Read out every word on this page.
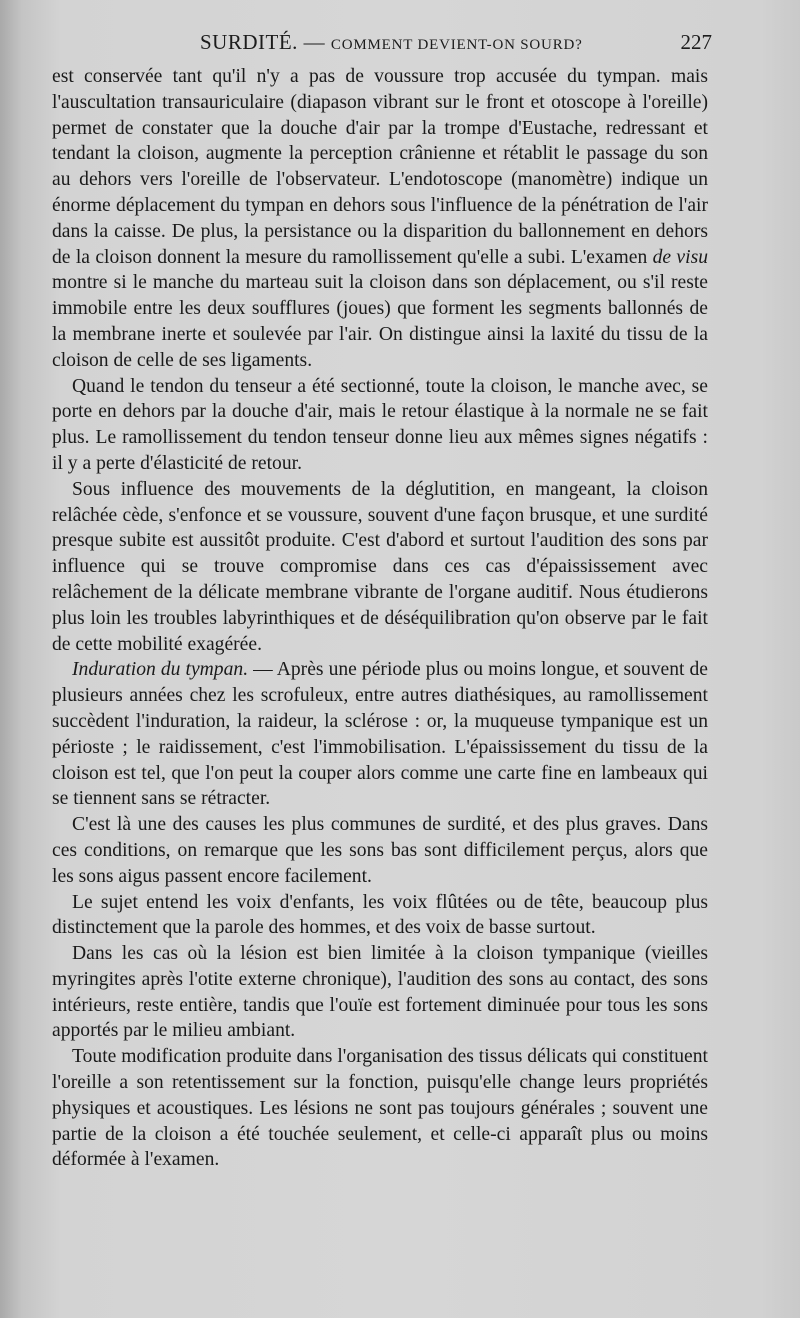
SURDITÉ. — COMMENT DEVIENT-ON SOURD?	227

est conservée tant qu'il n'y a pas de voussure trop accusée du tympan. mais l'auscultation transauriculaire (diapason vibrant sur le front et otoscope à l'oreille) permet de constater que la douche d'air par la trompe d'Eustache, redressant et tendant la cloison, augmente la perception crânienne et rétablit le passage du son au dehors vers l'oreille de l'observateur. L'endotoscope (manomètre) indique un énorme déplacement du tympan en dehors sous l'influence de la pénétration de l'air dans la caisse. De plus, la persistance ou la disparition du ballonnement en dehors de la cloison donnent la mesure du ramollissement qu'elle a subi. L'examen de visu montre si le manche du marteau suit la cloison dans son déplacement, ou s'il reste immobile entre les deux soufflures (joues) que forment les segments ballonnés de la membrane inerte et soulevée par l'air. On distingue ainsi la laxité du tissu de la cloison de celle de ses ligaments.

Quand le tendon du tenseur a été sectionné, toute la cloison, le manche avec, se porte en dehors par la douche d'air, mais le retour élastique à la normale ne se fait plus. Le ramollissement du tendon tenseur donne lieu aux mêmes signes négatifs : il y a perte d'élasticité de retour.

Sous influence des mouvements de la déglutition, en mangeant, la cloison relâchée cède, s'enfonce et se voussure, souvent d'une façon brusque, et une surdité presque subite est aussitôt produite. C'est d'abord et surtout l'audition des sons par influence qui se trouve compromise dans ces cas d'épaississement avec relâchement de la délicate membrane vibrante de l'organe auditif. Nous étudierons plus loin les troubles labyrinthiques et de déséquilibration qu'on observe par le fait de cette mobilité exagérée.

Induration du tympan. — Après une période plus ou moins longue, et souvent de plusieurs années chez les scrofuleux, entre autres diathésiques, au ramollissement succèdent l'induration, la raideur, la sclérose : or, la muqueuse tympanique est un périoste ; le raidissement, c'est l'immobilisation. L'épaississement du tissu de la cloison est tel, que l'on peut la couper alors comme une carte fine en lambeaux qui se tiennent sans se rétracter.

C'est là une des causes les plus communes de surdité, et des plus graves. Dans ces conditions, on remarque que les sons bas sont difficilement perçus, alors que les sons aigus passent encore facilement.

Le sujet entend les voix d'enfants, les voix flûtées ou de tête, beaucoup plus distinctement que la parole des hommes, et des voix de basse surtout.

Dans les cas où la lésion est bien limitée à la cloison tympanique (vieilles myringites après l'otite externe chronique), l'audition des sons au contact, des sons intérieurs, reste entière, tandis que l'ouïe est fortement diminuée pour tous les sons apportés par le milieu ambiant.

Toute modification produite dans l'organisation des tissus délicats qui constituent l'oreille a son retentissement sur la fonction, puisqu'elle change leurs propriétés physiques et acoustiques. Les lésions ne sont pas toujours générales ; souvent une partie de la cloison a été touchée seulement, et celle-ci apparaît plus ou moins déformée à l'examen.
